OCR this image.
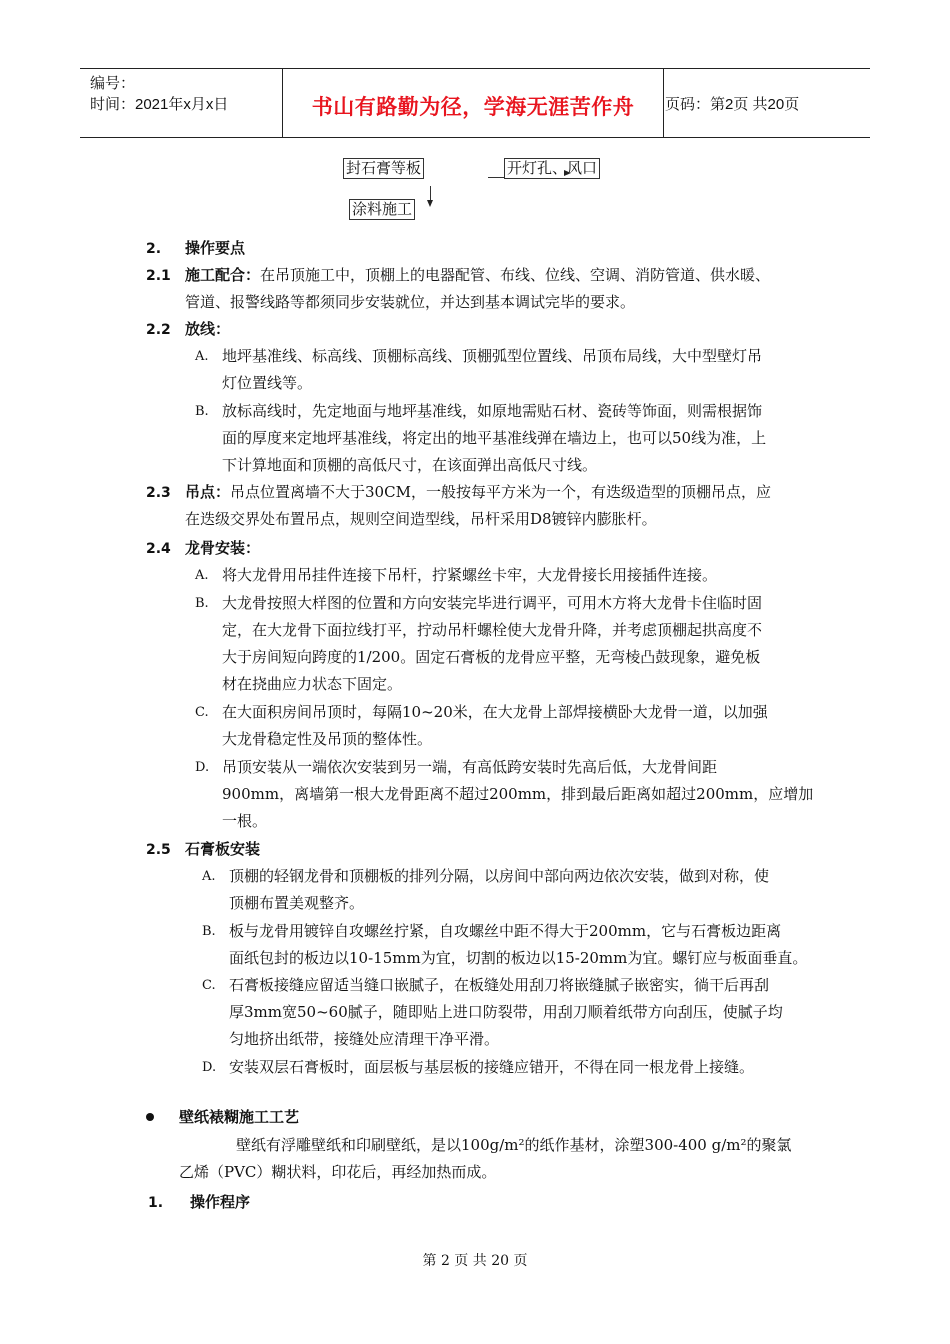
编号：
时间：2021年x月x日	书山有路勤为径，学海无涯苦作舟	页码：第2页 共20页
封石膏等板	开灯孔、风口
涂料施工
2. 操作要点
2.1 施工配合：在吊顶施工中，顶棚上的电器配管、布线、位线、空调、消防管道、供水暖、
管道、报警线路等都须同步安装就位，并达到基本调试完毕的要求。
2.2 放线：
A. 地坪基准线、标高线、顶棚标高线、顶棚弧型位置线、吊顶布局线，大中型壁灯吊
灯位置线等。
B. 放标高线时，先定地面与地坪基准线，如原地需贴石材、瓷砖等饰面，则需根据饰
面的厚度来定地坪基准线，将定出的地平基准线弹在墙边上，也可以50线为准，上
下计算地面和顶棚的高低尺寸，在该面弹出高低尺寸线。
2.3 吊点：吊点位置离墙不大于30CM，一般按每平方米为一个，有迭级造型的顶棚吊点，应
在迭级交界处布置吊点，规则空间造型线，吊杆采用D8镀锌内膨胀杆。
2.4 龙骨安装：
A. 将大龙骨用吊挂件连接下吊杆，拧紧螺丝卡牢，大龙骨接长用接插件连接。
B. 大龙骨按照大样图的位置和方向安装完毕进行调平，可用木方将大龙骨卡住临时固
定，在大龙骨下面拉线打平，拧动吊杆螺栓使大龙骨升降，并考虑顶棚起拱高度不
大于房间短向跨度的1/200。固定石膏板的龙骨应平整，无弯棱凸鼓现象，避免板
材在挠曲应力状态下固定。
C. 在大面积房间吊顶时，每隔10~20米，在大龙骨上部焊接横卧大龙骨一道，以加强
大龙骨稳定性及吊顶的整体性。
D. 吊顶安装从一端依次安装到另一端，有高低跨安装时先高后低，大龙骨间距
900mm，离墙第一根大龙骨距离不超过200mm，排到最后距离如超过200mm，应增加
一根。
2.5 石膏板安装
A. 顶棚的轻钢龙骨和顶棚板的排列分隔，以房间中部向两边依次安装，做到对称，使
顶棚布置美观整齐。
B. 板与龙骨用镀锌自攻螺丝拧紧，自攻螺丝中距不得大于200mm，它与石膏板边距离
面纸包封的板边以10-15mm为宜，切割的板边以15-20mm为宜。螺钉应与板面垂直。
C. 石膏板接缝应留适当缝口嵌腻子，在板缝处用刮刀将嵌缝腻子嵌密实，徜干后再刮
厚3mm宽50~60腻子，随即贴上进口防裂带，用刮刀顺着纸带方向刮压，使腻子均
匀地挤出纸带，接缝处应清理干净平滑。
D. 安装双层石膏板时，面层板与基层板的接缝应错开，不得在同一根龙骨上接缝。
壁纸裱糊施工工艺
壁纸有浮雕壁纸和印刷壁纸，是以100g/m²的纸作基材，涂塑300-400 g/m²的聚氯
乙烯（PVC）糊状料，印花后，再经加热而成。
1. 操作程序
第 2 页 共 20 页
